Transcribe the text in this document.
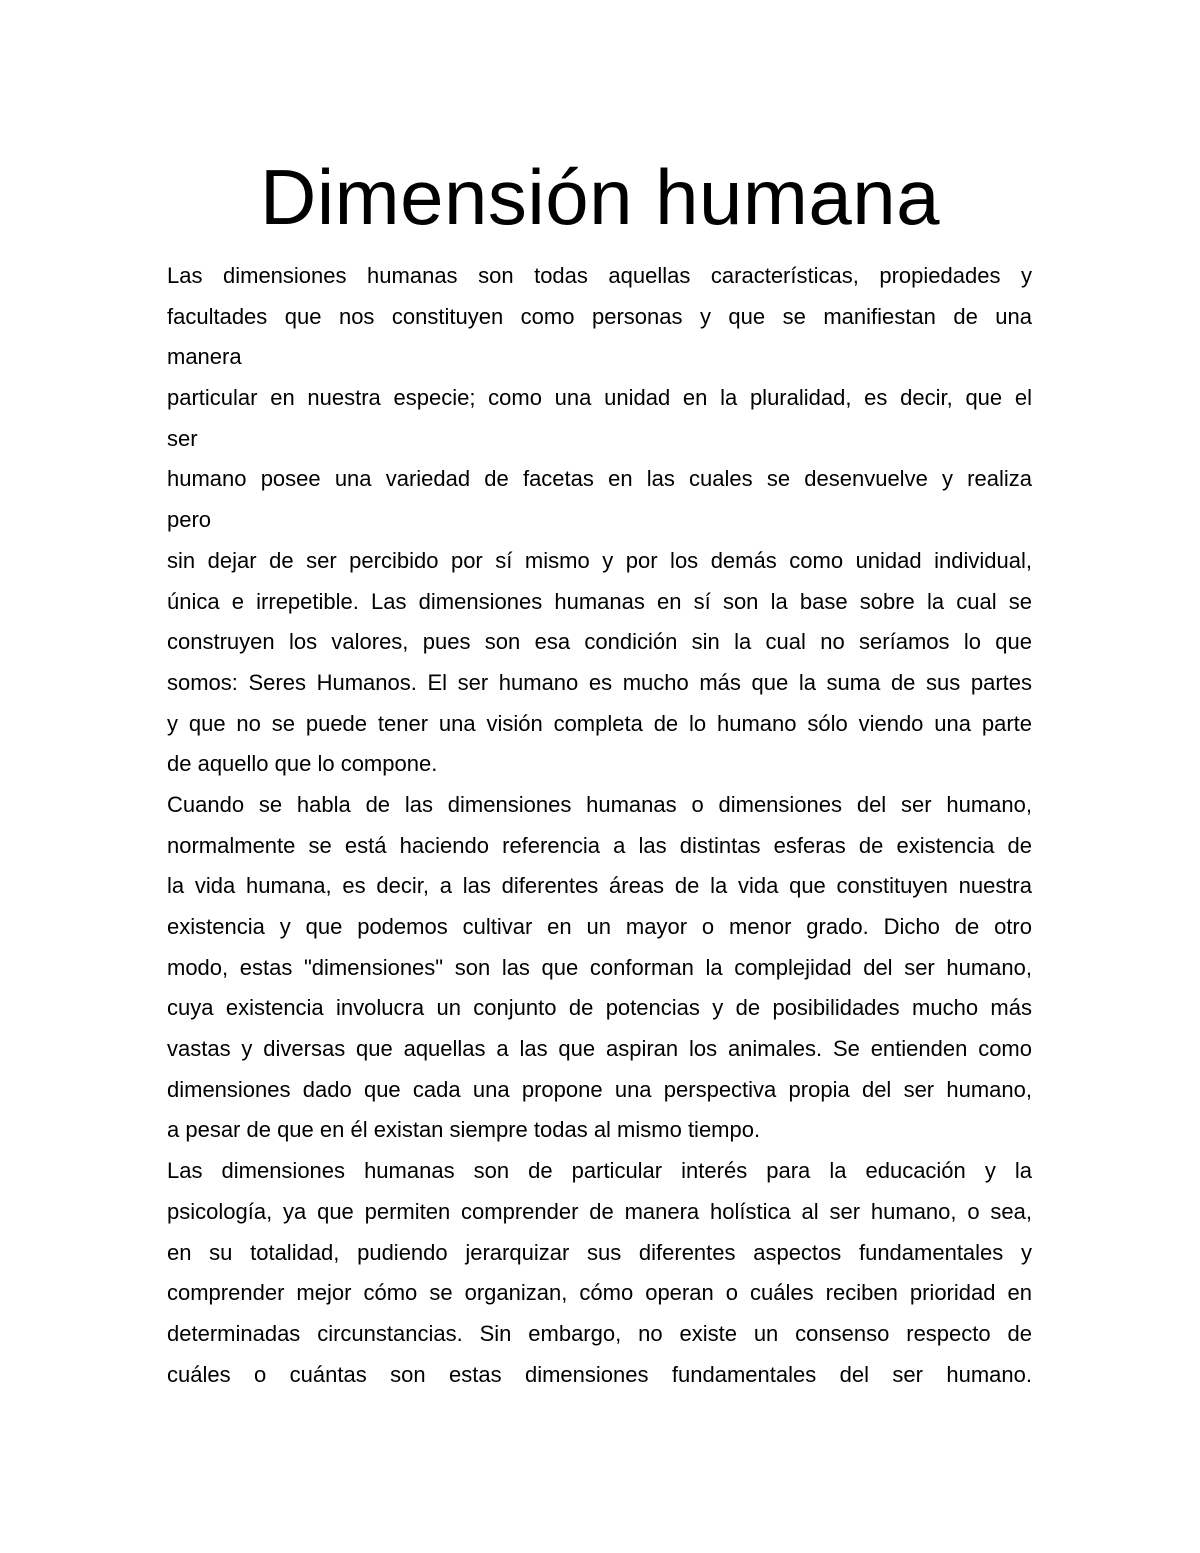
Dimensión humana
Las dimensiones humanas son todas aquellas características, propiedades y
facultades que nos constituyen como personas y que se manifiestan de una
manera
particular en nuestra especie; como una unidad en la pluralidad, es decir, que el
ser
humano posee una variedad de facetas en las cuales se desenvuelve y realiza
pero
sin dejar de ser percibido por sí mismo y por los demás como unidad individual,
única e irrepetible. Las dimensiones humanas en sí son la base sobre la cual se
construyen los valores, pues son esa condición sin la cual no seríamos lo que
somos: Seres Humanos. El ser humano es mucho más que la suma de sus partes
y que no se puede tener una visión completa de lo humano sólo viendo una parte
de aquello que lo compone.
Cuando se habla de las dimensiones humanas o dimensiones del ser humano,
normalmente se está haciendo referencia a las distintas esferas de existencia de
la vida humana, es decir, a las diferentes áreas de la vida que constituyen nuestra
existencia y que podemos cultivar en un mayor o menor grado. Dicho de otro
modo, estas "dimensiones" son las que conforman la complejidad del ser humano,
cuya existencia involucra un conjunto de potencias y de posibilidades mucho más
vastas y diversas que aquellas a las que aspiran los animales. Se entienden como
dimensiones dado que cada una propone una perspectiva propia del ser humano,
a pesar de que en él existan siempre todas al mismo tiempo.
Las dimensiones humanas son de particular interés para la educación y la
psicología, ya que permiten comprender de manera holística al ser humano, o sea,
en su totalidad, pudiendo jerarquizar sus diferentes aspectos fundamentales y
comprender mejor cómo se organizan, cómo operan o cuáles reciben prioridad en
determinadas circunstancias. Sin embargo, no existe un consenso respecto de
cuáles o cuántas son estas dimensiones fundamentales del ser humano.
